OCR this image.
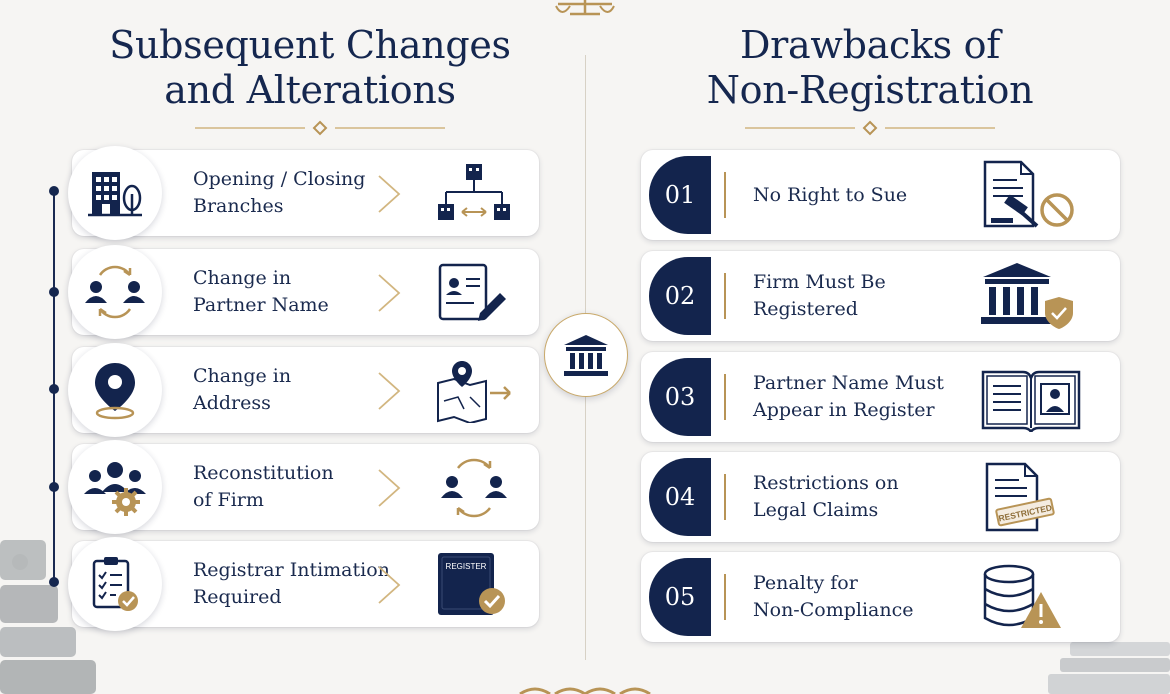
Subsequent Changes
and Alterations
Drawbacks of
Non-Registration
Opening / Closing
Branches
Change in
Partner Name
Change in
Address
Reconstitution
of Firm
Registrar Intimation
Required
REGISTER
01	No Right to Sue
02	Firm Must Be
Registered
03	Partner Name Must
Appear in Register
04	Restrictions on
Legal Claims	RESTRICTED
05	Penalty for
Non-Compliance
